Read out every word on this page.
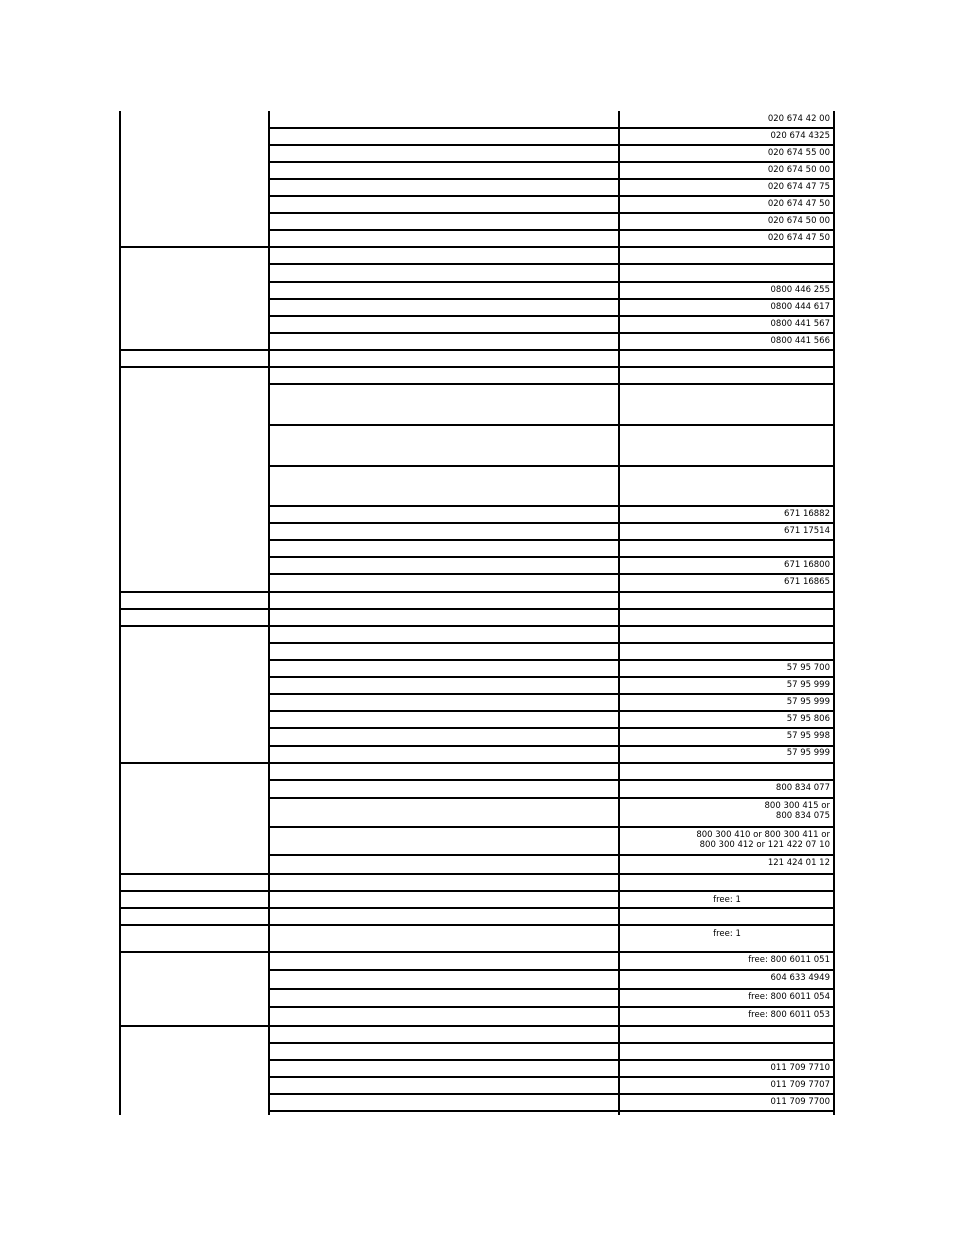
020 674 42 00
020 674 4325
020 674 55 00
020 674 50 00
020 674 47 75
020 674 47 50
020 674 50 00
020 674 47 50
0800 446 255
0800 444 617
0800 441 567
0800 441 566
671 16882
671 17514
671 16800
671 16865
57 95 700
57 95 999
57 95 999
57 95 806
57 95 998
57 95 999
800 834 077
800 300 415 or
800 834 075
800 300 410 or 800 300 411 or
800 300 412 or 121 422 07 10
121 424 01 12
free: 1
free: 1
free: 800 6011 051
604 633 4949
free: 800 6011 054
free: 800 6011 053
011 709 7710
011 709 7707
011 709 7700
